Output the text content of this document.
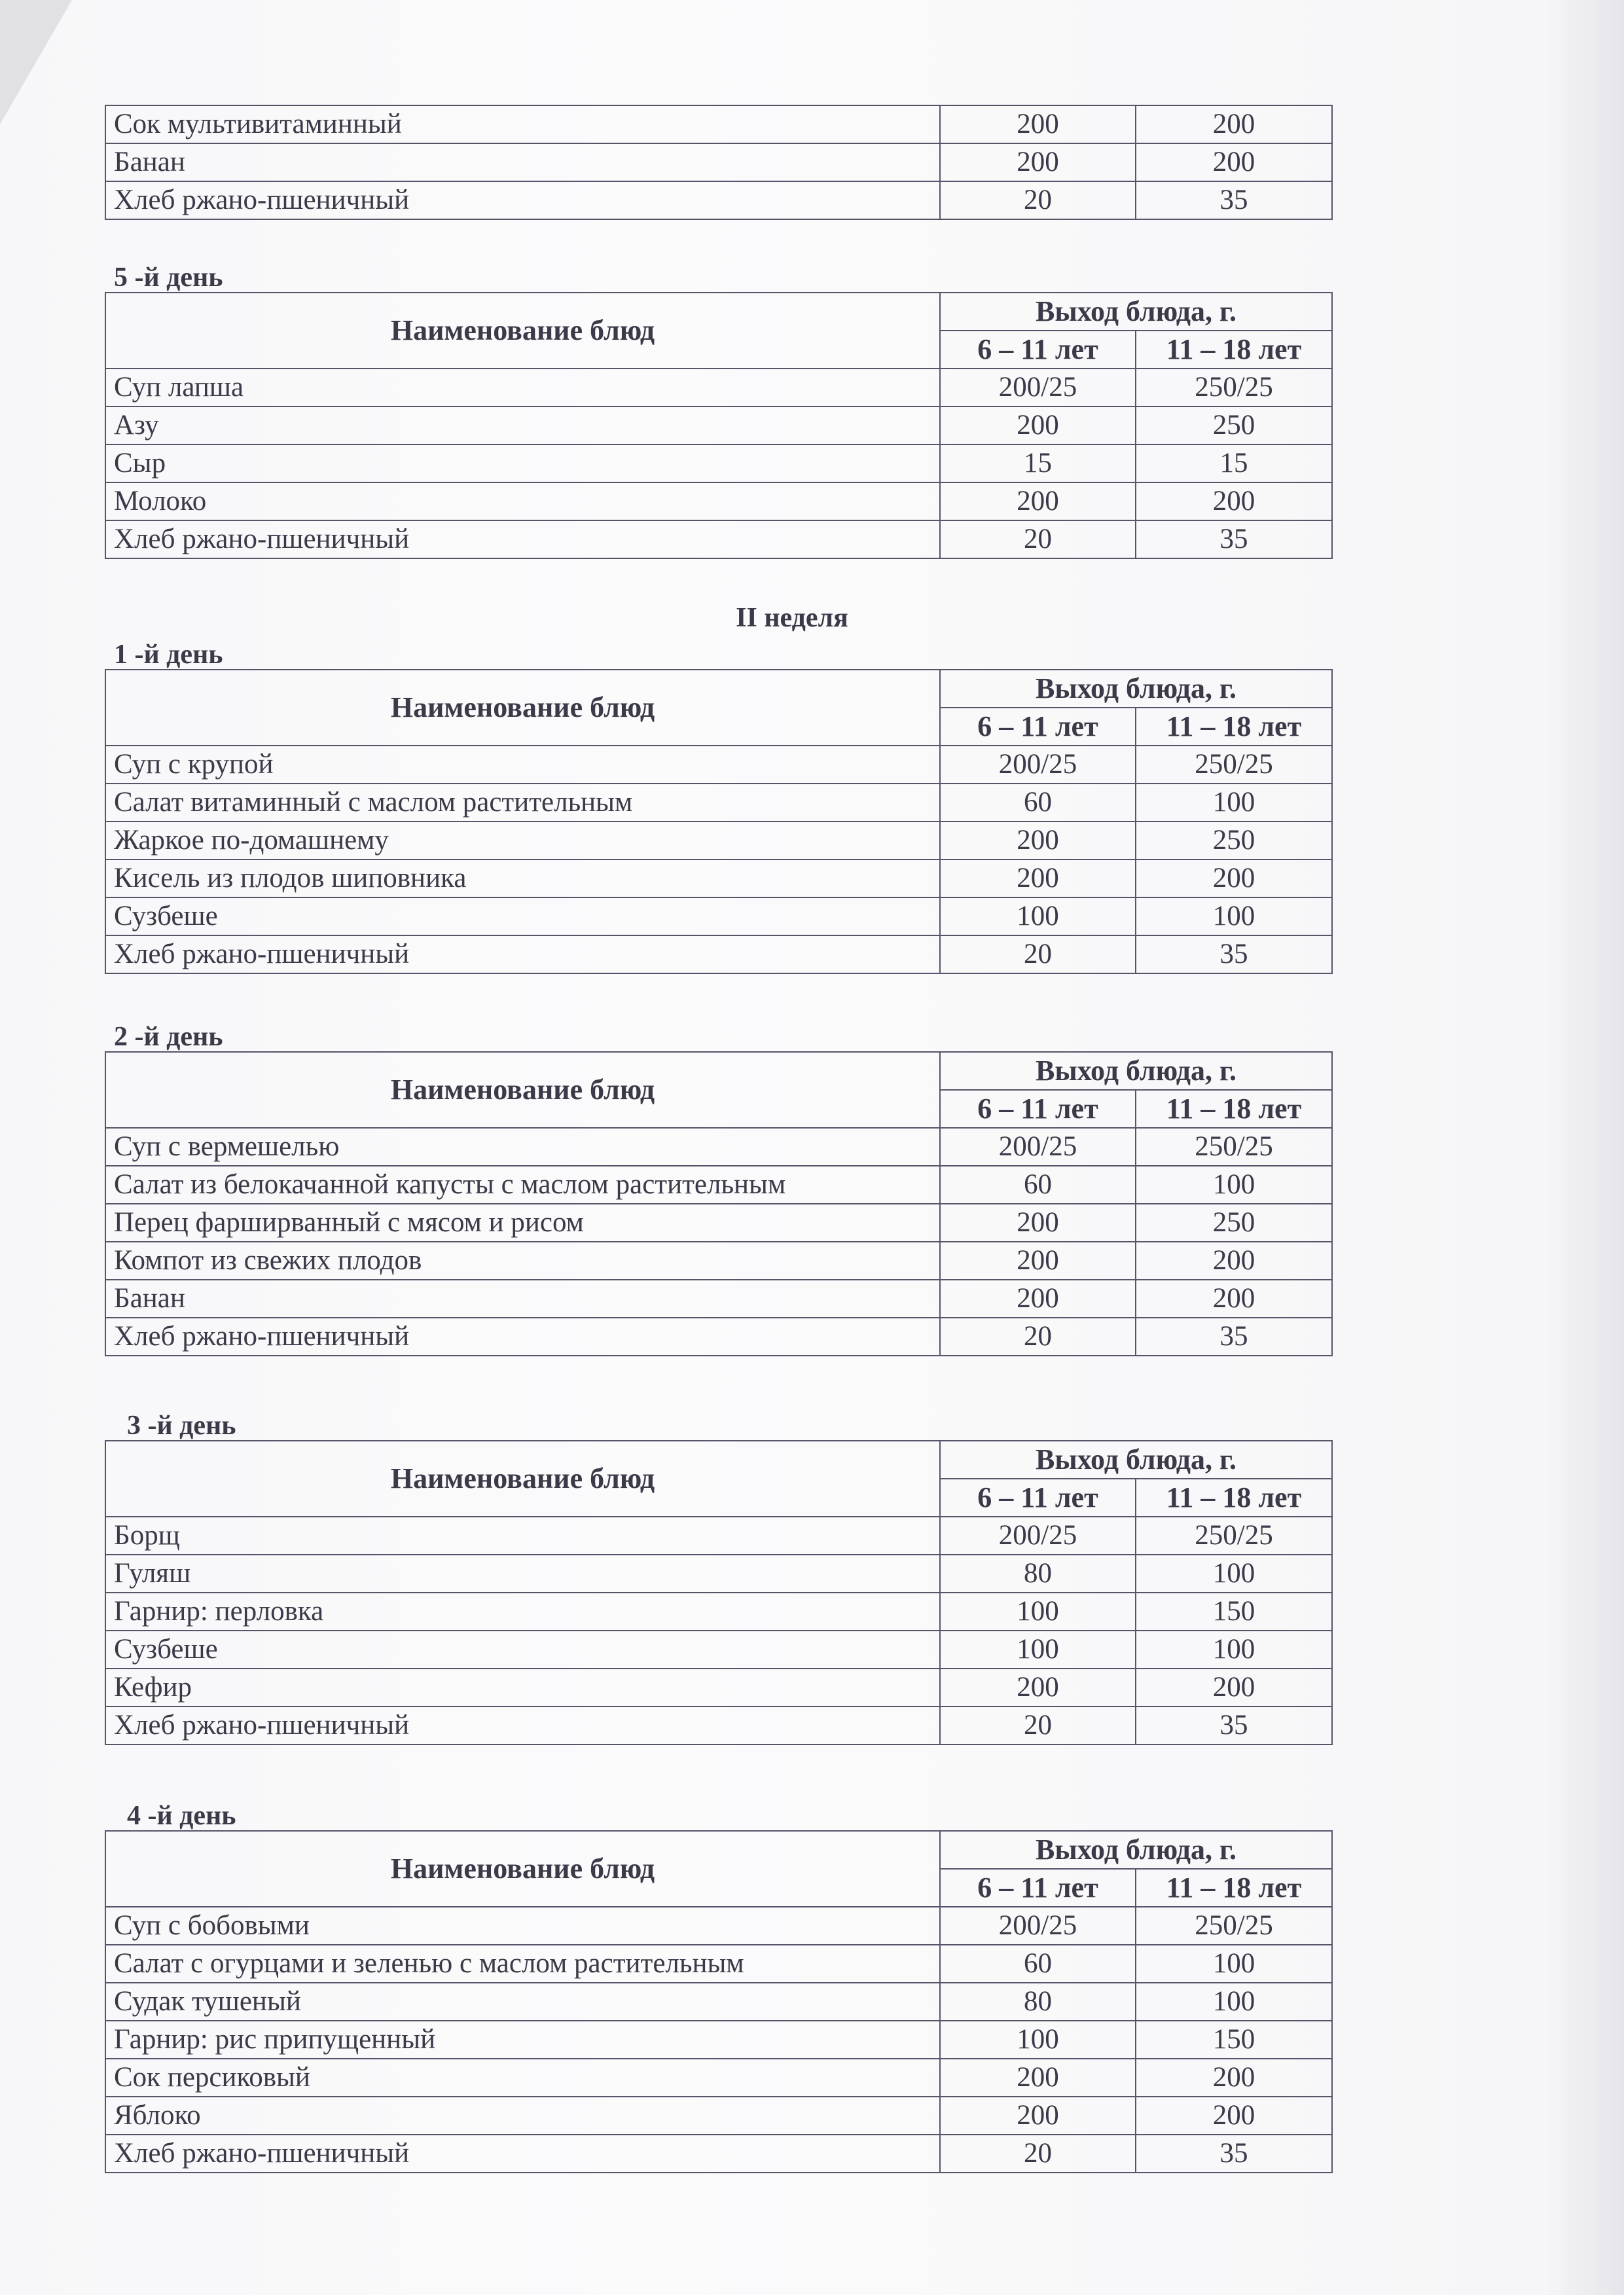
Сок мультивитаминный	200	200
Банан	200	200
Хлеб ржано-пшеничный	20	35
5 -й день
Наименование блюд	Выход блюда, г.	
	6 – 11 лет	11 – 18 лет
Суп лапша	200/25	250/25
Азу	200	250
Сыр	15	15
Молоко	200	200
Хлеб ржано-пшеничный	20	35
II неделя
1 -й день
Наименование блюд	Выход блюда, г.	
	6 – 11 лет	11 – 18 лет
Суп с крупой	200/25	250/25
Салат витаминный с маслом растительным	60	100
Жаркое по-домашнему	200	250
Кисель из плодов шиповника	200	200
Сузбеше	100	100
Хлеб ржано-пшеничный	20	35
2 -й день
Наименование блюд	Выход блюда, г.	
	6 – 11 лет	11 – 18 лет
Суп с вермешелью	200/25	250/25
Салат из белокачанной капусты с маслом растительным	60	100
Перец фарширванный с мясом и рисом	200	250
Компот из свежих плодов	200	200
Банан	200	200
Хлеб ржано-пшеничный	20	35
3 -й день
Наименование блюд	Выход блюда, г.	
	6 – 11 лет	11 – 18 лет
Борщ	200/25	250/25
Гуляш	80	100
Гарнир: перловка	100	150
Сузбеше	100	100
Кефир	200	200
Хлеб ржано-пшеничный	20	35
4 -й день
Наименование блюд	Выход блюда, г.	
	6 – 11 лет	11 – 18 лет
Суп с бобовыми	200/25	250/25
Салат с огурцами и зеленью с маслом растительным	60	100
Судак тушеный	80	100
Гарнир: рис припущенный	100	150
Сок персиковый	200	200
Яблоко	200	200
Хлеб ржано-пшеничный	20	35
